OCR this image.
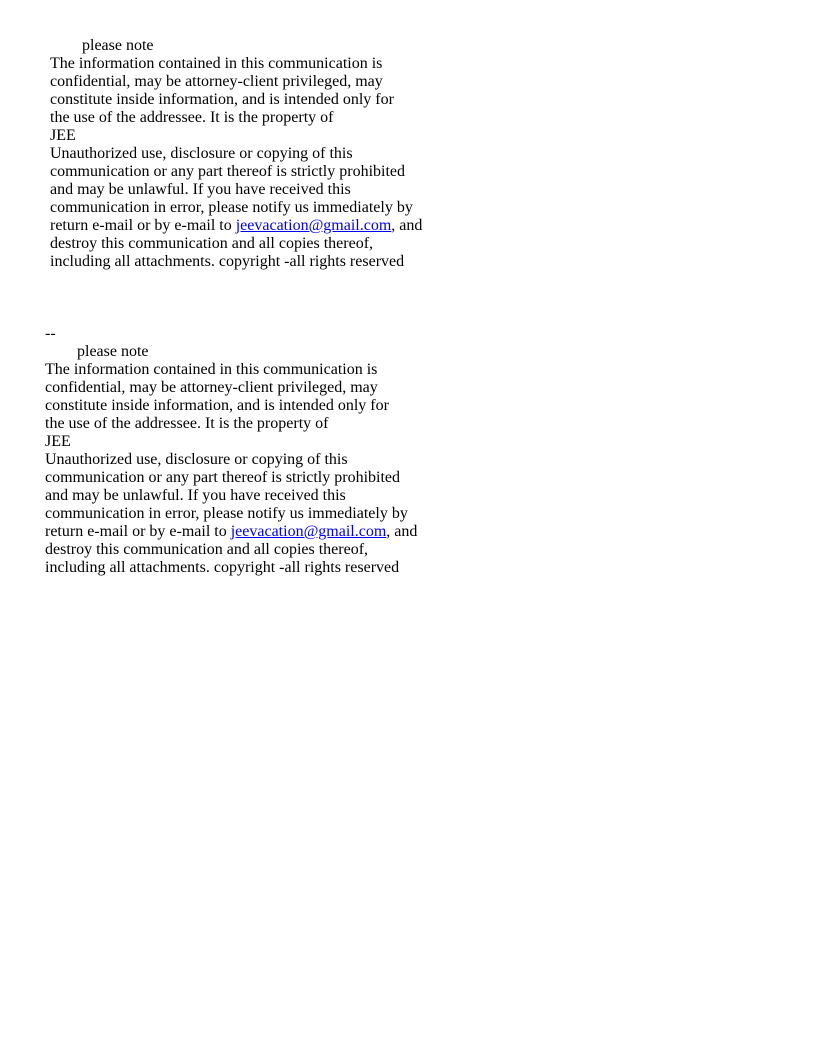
please note
The information contained in this communication is
confidential, may be attorney-client privileged, may
constitute inside information, and is intended only for
the use of the addressee. It is the property of
JEE
Unauthorized use, disclosure or copying of this
communication or any part thereof is strictly prohibited
and may be unlawful. If you have received this
communication in error, please notify us immediately by
return e-mail or by e-mail to jeevacation@gmail.com, and
destroy this communication and all copies thereof,
including all attachments. copyright -all rights reserved
--
please note
The information contained in this communication is
confidential, may be attorney-client privileged, may
constitute inside information, and is intended only for
the use of the addressee. It is the property of
JEE
Unauthorized use, disclosure or copying of this
communication or any part thereof is strictly prohibited
and may be unlawful. If you have received this
communication in error, please notify us immediately by
return e-mail or by e-mail to jeevacation@gmail.com, and
destroy this communication and all copies thereof,
including all attachments. copyright -all rights reserved
